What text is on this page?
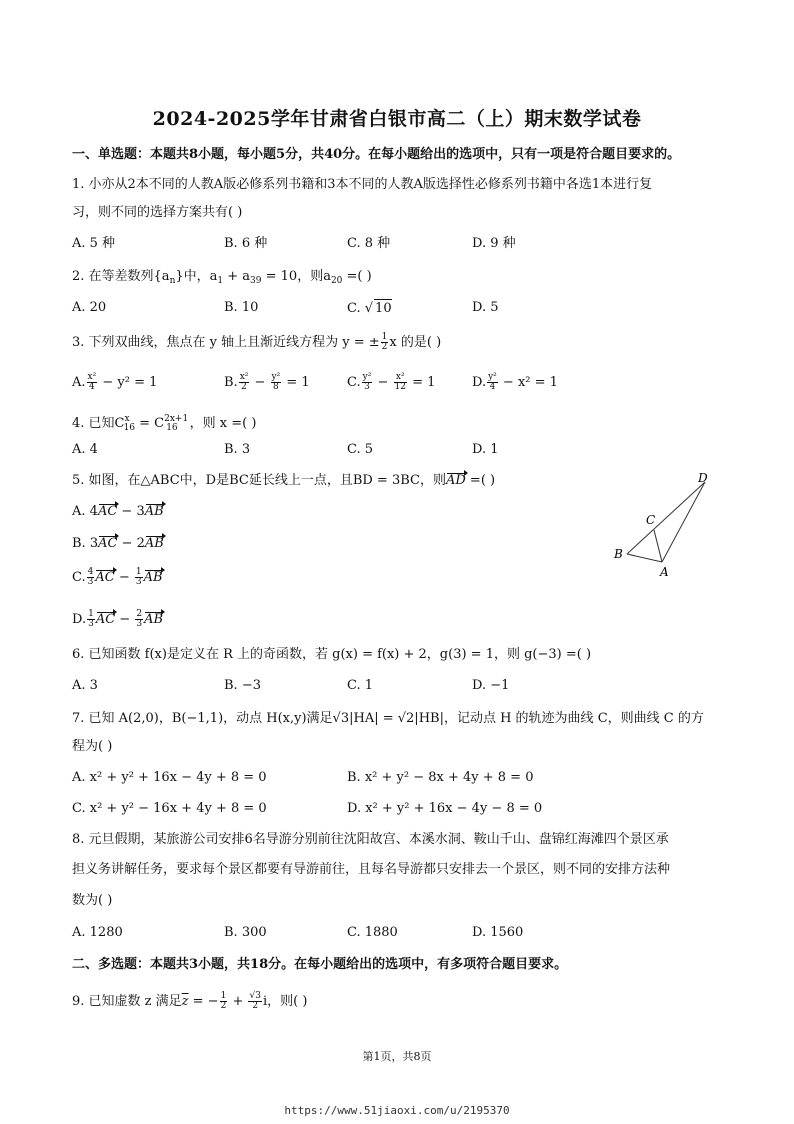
2024-2025学年甘肃省白银市高二（上）期末数学试卷
一、单选题：本题共8小题，每小题5分，共40分。在每小题给出的选项中，只有一项是符合题目要求的。
1. 小亦从2本不同的人教A版必修系列书籍和3本不同的人教A版选择性必修系列书籍中各选1本进行复
习，则不同的选择方案共有( )
A. 5 种	B. 6 种	C. 8 种	D. 9 种
2. 在等差数列$\{a_n\}$中，$a_1 + a_{39} = 10$，则$a_{20}$ =( )
A. 20	B. 10	C. √ 10	D. 5
3. 下列双曲线，焦点在 y 轴上且渐近线方程为 y = ± $\frac{1}{2}$ x 的是( )
A. $\frac{\text{x²}}{4} - y^2 = 1$	B. $\frac{\text{x²}}{2} - \frac{\text{y²}}{8} = 1$	C. $\frac{\text{y²}}{3} - \frac{\text{x²}}{12} = 1$	D. $\frac{\text{y²}}{4} - x^2 = 1$
4. 已知$C^x_{16} = C^{2x+1}_{16}$ ，则 x =( )
A. 4	B. 3	C. 5	D. 1
5. 如图，在△ABC中，D是BC延长线上一点，且BD = 3BC，则AD =( )
A. 4AC − 3AB
B. 3AC − 2AB
C. $\frac{4}{3}$ AC − $\frac{1}{3}$ AB
D. $\frac{1}{3}$ AC − $\frac{2}{3}$ AB
D
C
B
A
6. 已知函数 f(x)是定义在 R 上的奇函数，若 g(x) = f(x) + 2，g(3) = 1，则 g(−3) =( )
A. 3	B. −3	C. 1	D. −1
7. 已知 A(2,0)，B(−1,1)，动点 H(x,y)满足√3|HA| = √2|HB|，记动点 H 的轨迹为曲线 C，则曲线 C 的方
程为( )
A. x² + y² + 16x − 4y + 8 = 0	B. x² + y² − 8x + 4y + 8 = 0
C. x² + y² − 16x + 4y + 8 = 0	D. x² + y² + 16x − 4y − 8 = 0
8. 元旦假期，某旅游公司安排6名导游分别前往沈阳故宫、本溪水洞、鞍山千山、盘锦红海滩四个景区承
担义务讲解任务，要求每个景区都要有导游前往，且每名导游都只安排去一个景区，则不同的安排方法种
数为( )
A. 1280	B. 300	C. 1880	D. 1560
二、多选题：本题共3小题，共18分。在每小题给出的选项中，有多项符合题目要求。
9. 已知虚数 z 满足$\overline{z}$ = − $\frac{1}{2} + \frac{√3}{2}$ i，则( )
第1页，共8页
https://www.51jiaoxi.com/u/2195370
